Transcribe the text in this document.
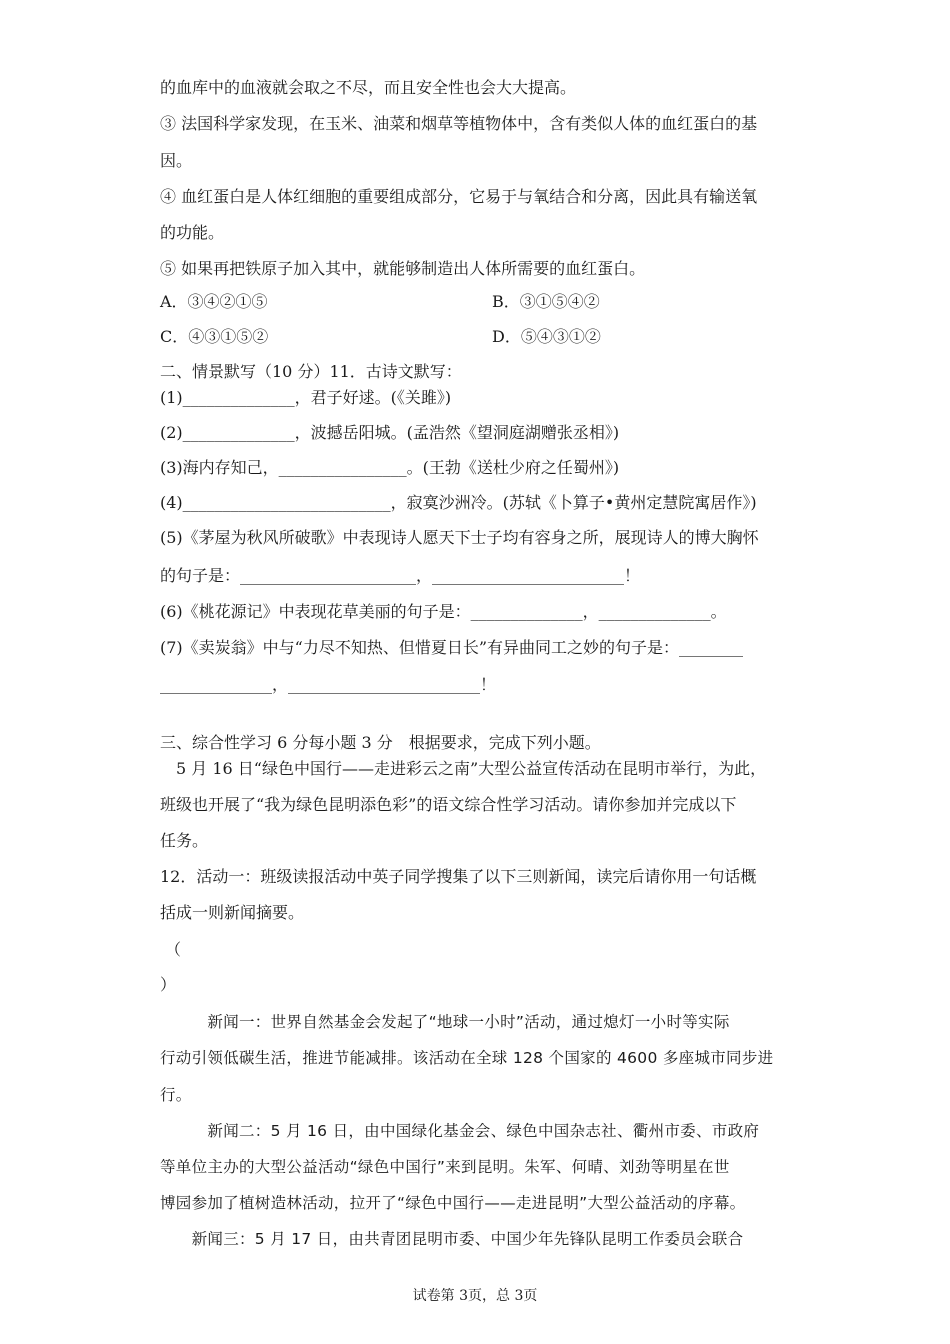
的血库中的血液就会取之不尽，而且安全性也会大大提高。
③ 法国科学家发现，在玉米、油菜和烟草等植物体中，含有类似人体的血红蛋白的基
因。
④ 血红蛋白是人体红细胞的重要组成部分，它易于与氧结合和分离，因此具有输送氧
的功能。
⑤ 如果再把铁原子加入其中，就能够制造出人体所需要的血红蛋白。
A．③④②①⑤	B．③①⑤④②
C．④③①⑤②	D．⑤④③①②
二、情景默写（10 分）11．古诗文默写：
(1)______________，君子好逑。(《关雎》)
(2)______________，波撼岳阳城。(孟浩然《望洞庭湖赠张丞相》)
(3)海内存知己，________________。(王勃《送杜少府之任蜀州》)
(4)__________________________，寂寞沙洲冷。(苏轼《卜算子•黄州定慧院寓居作》)
(5)《茅屋为秋风所破歌》中表现诗人愿天下士子均有容身之所，展现诗人的博大胸怀
的句子是：______________________，________________________！
(6)《桃花源记》中表现花草美丽的句子是：______________，______________。
(7)《卖炭翁》中与“力尽不知热、但惜夏日长”有异曲同工之妙的句子是：________
______________，________________________！
三、综合性学习 6 分每小题 3 分　根据要求，完成下列小题。
　5 月 16 日“绿色中国行——走进彩云之南”大型公益宣传活动在昆明市举行，为此，
班级也开展了“我为绿色昆明添色彩”的语文综合性学习活动。请你参加并完成以下
任务。
12．活动一：班级读报活动中英子同学搜集了以下三则新闻，读完后请你用一句话概
括成一则新闻摘要。
（
）
　　　新闻一：世界自然基金会发起了“地球一小时”活动，通过熄灯一小时等实际
行动引领低碳生活，推进节能减排。该活动在全球 128 个国家的 4600 多座城市同步进
行。
　　　新闻二：5 月 16 日，由中国绿化基金会、绿色中国杂志社、衢州市委、市政府
等单位主办的大型公益活动“绿色中国行”来到昆明。朱军、何晴、刘劲等明星在世
博园参加了植树造林活动，拉开了“绿色中国行——走进昆明”大型公益活动的序幕。
　　新闻三：5 月 17 日，由共青团昆明市委、中国少年先锋队昆明工作委员会联合
试卷第 3页，总 3页
